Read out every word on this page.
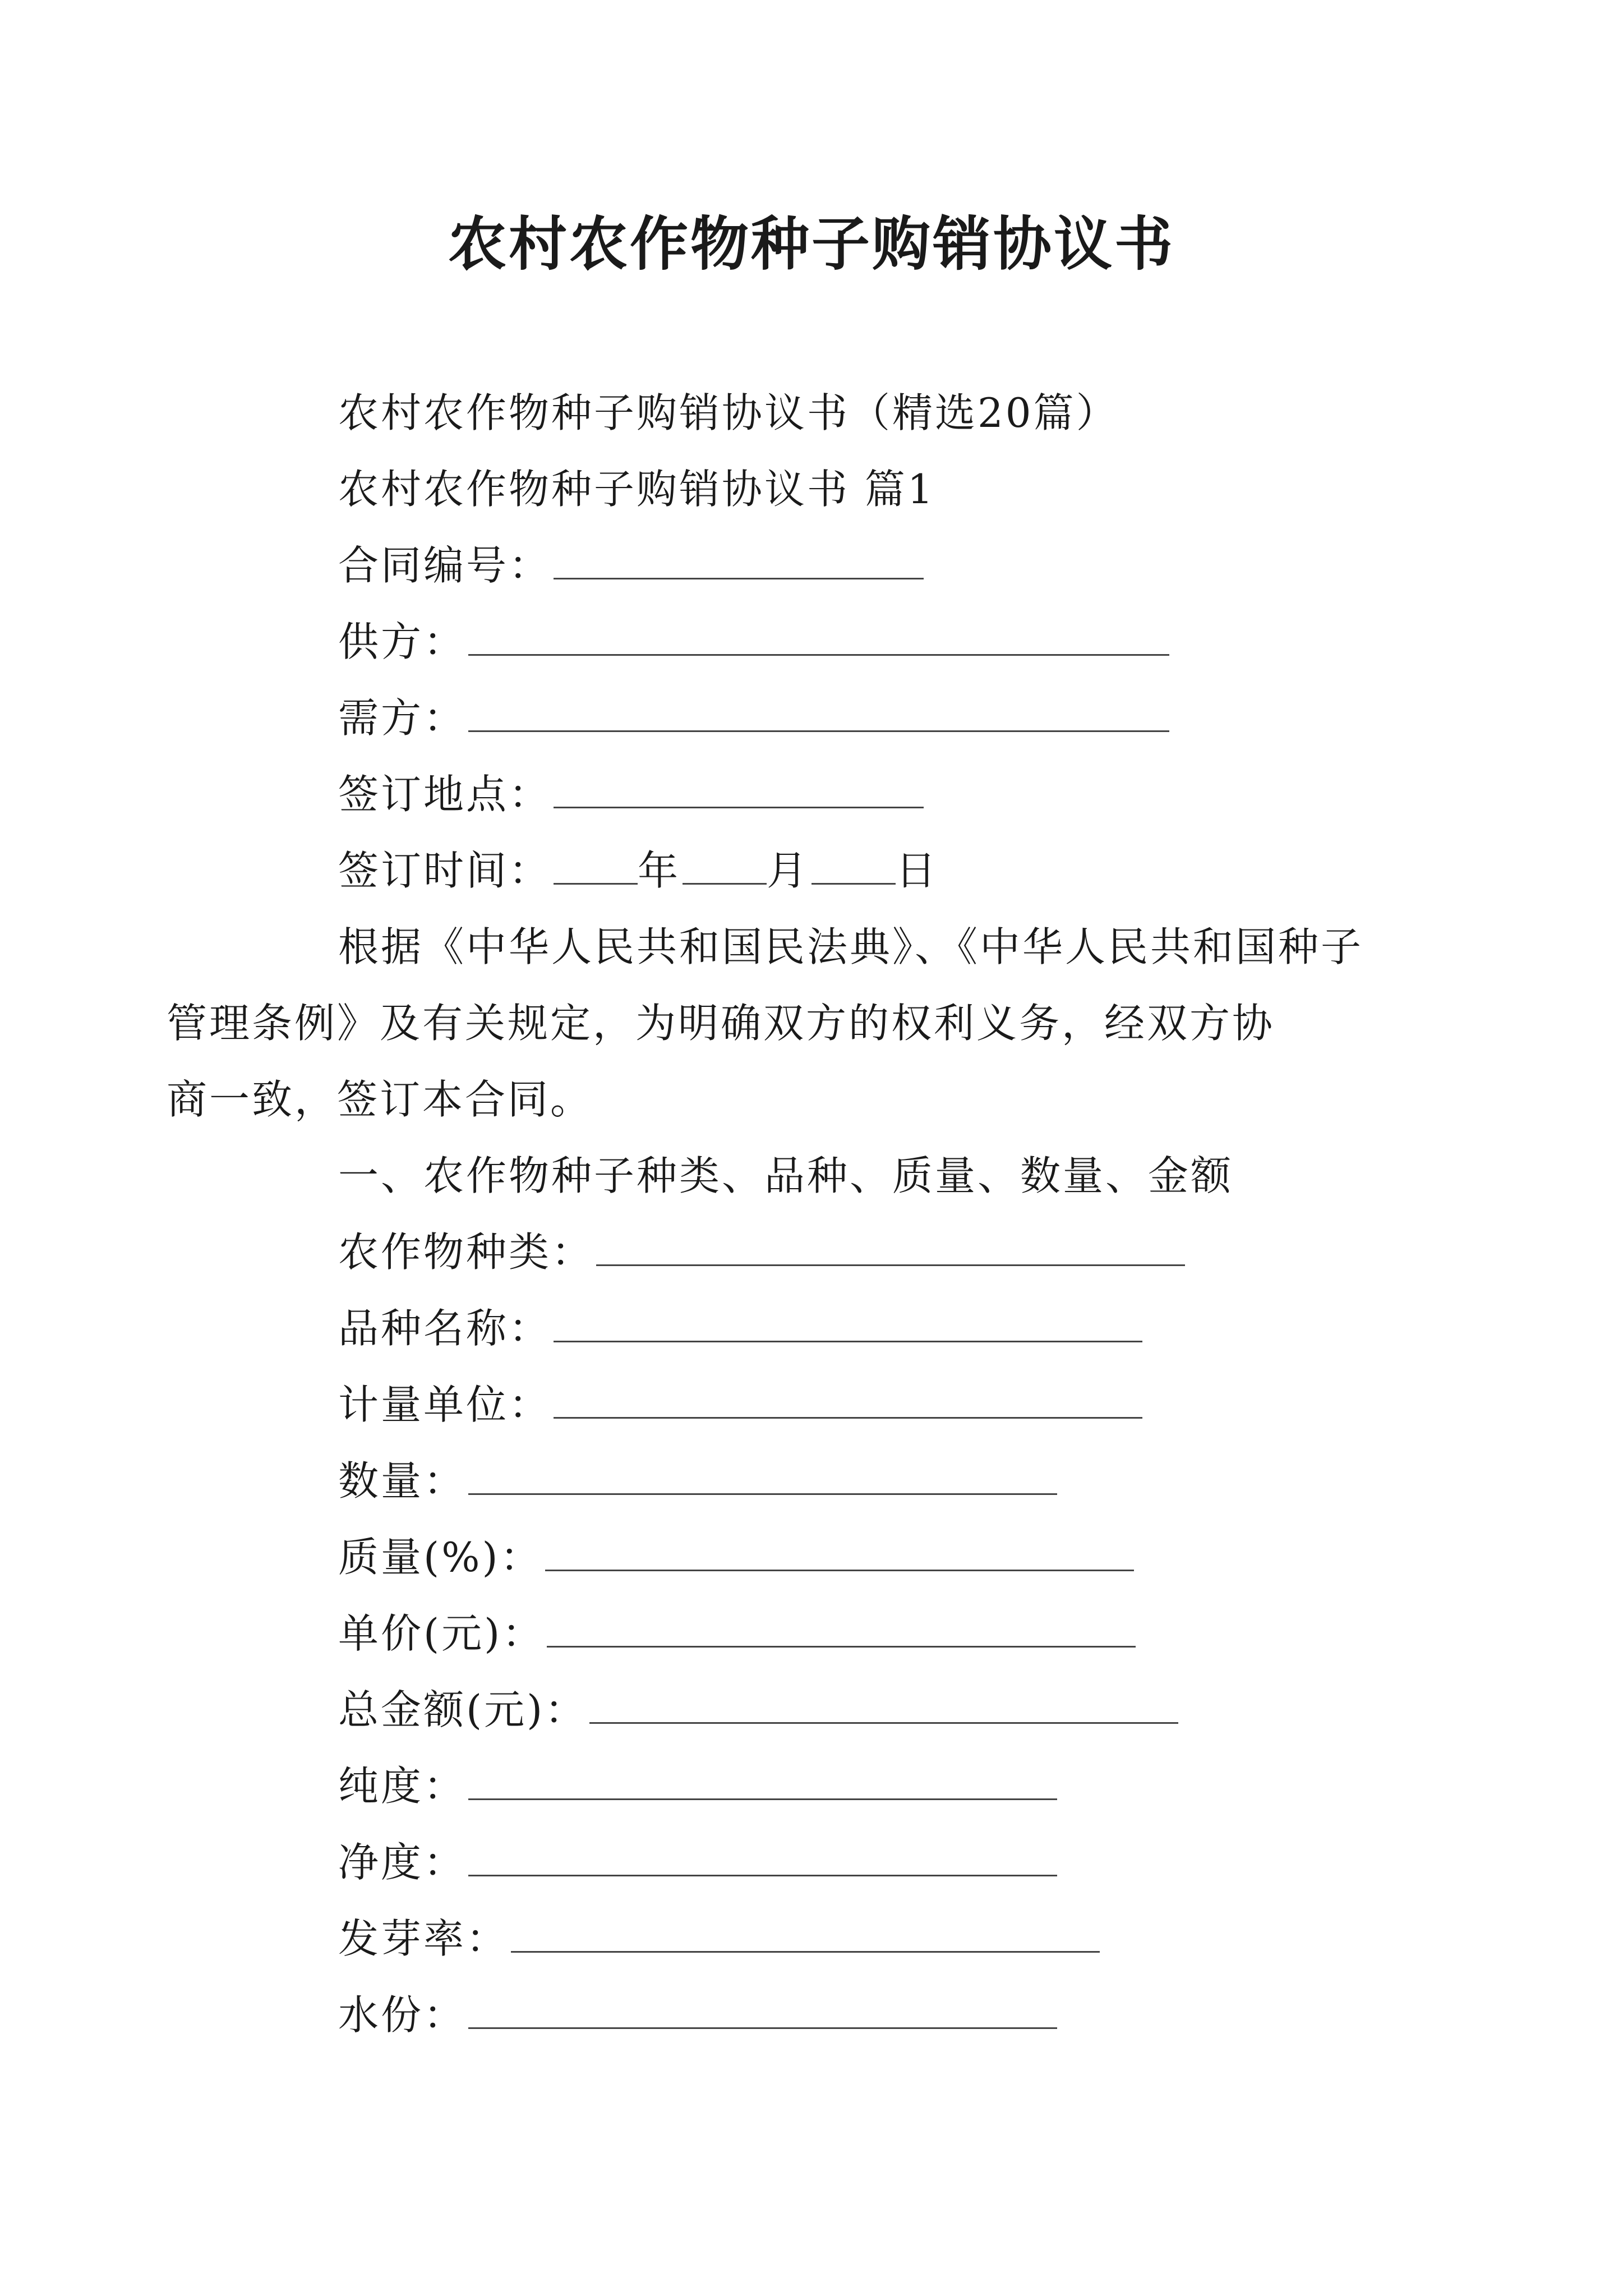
农村农作物种子购销协议书
农村农作物种子购销协议书（精选20篇）
农村农作物种子购销协议书 篇1
合同编号：
供方：
需方：
签订地点：
签订时间： 年 月 日
根据《中华人民共和国民法典》、《中华人民共和国种子
管理条例》及有关规定，为明确双方的权利义务，经双方协
商一致，签订本合同。
一、农作物种子种类、品种、质量、数量、金额
农作物种类：
品种名称：
计量单位：
数量：
质量(%)：
单价(元)：
总金额(元)：
纯度：
净度：
发芽率：
水份：
